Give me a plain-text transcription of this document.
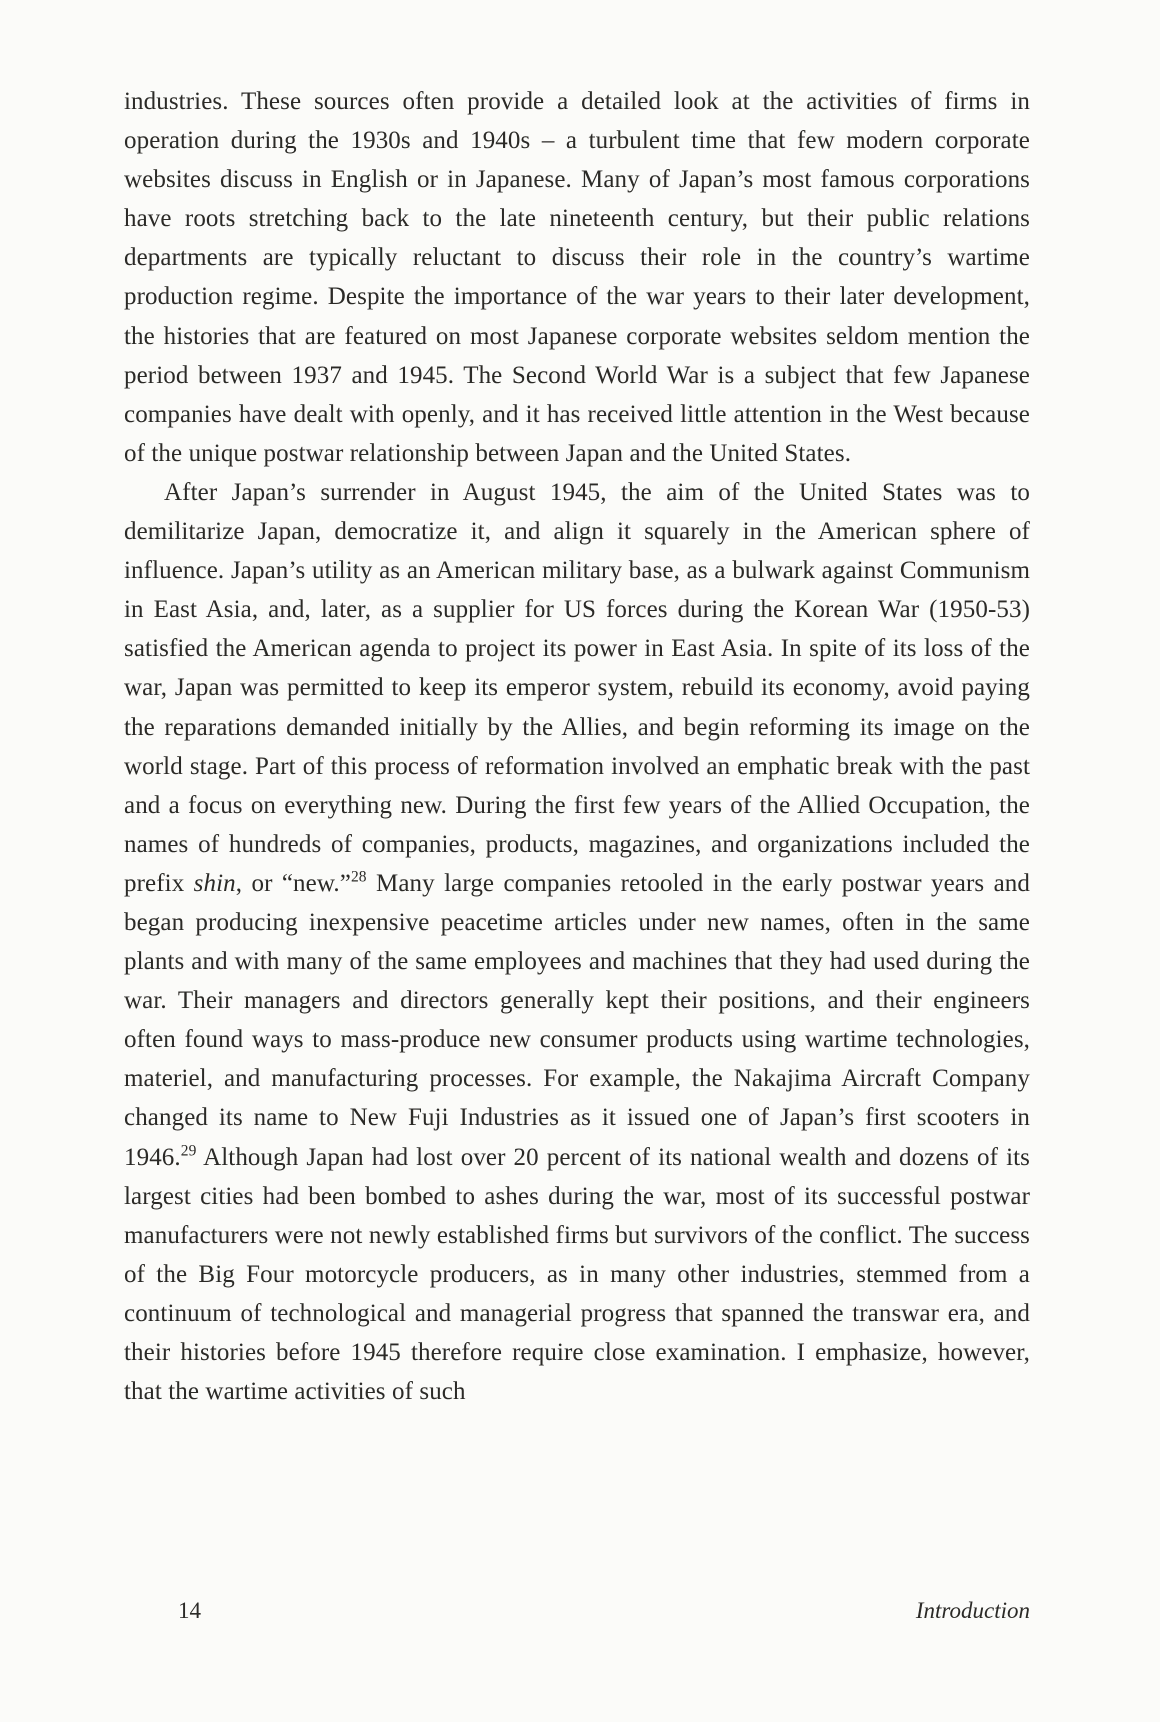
industries. These sources often provide a detailed look at the activities of firms in operation during the 1930s and 1940s – a turbulent time that few modern corporate websites discuss in English or in Japanese. Many of Japan’s most famous corporations have roots stretching back to the late nineteenth century, but their public relations departments are typically reluctant to discuss their role in the country’s wartime production regime. Despite the importance of the war years to their later development, the histories that are featured on most Japanese corporate websites seldom mention the period between 1937 and 1945. The Second World War is a subject that few Japanese companies have dealt with openly, and it has received little attention in the West because of the unique postwar relationship between Japan and the United States.

After Japan’s surrender in August 1945, the aim of the United States was to demilitarize Japan, democratize it, and align it squarely in the American sphere of influence. Japan’s utility as an American military base, as a bulwark against Communism in East Asia, and, later, as a supplier for US forces during the Korean War (1950-53) satisfied the American agenda to project its power in East Asia. In spite of its loss of the war, Japan was permitted to keep its emperor system, rebuild its economy, avoid paying the reparations demanded initially by the Allies, and begin reforming its image on the world stage. Part of this process of reformation involved an emphatic break with the past and a focus on everything new. During the first few years of the Allied Occupation, the names of hundreds of companies, products, magazines, and organizations included the prefix shin, or “new.”$^{28}$ Many large companies retooled in the early postwar years and began producing inexpensive peacetime articles under new names, often in the same plants and with many of the same employees and machines that they had used during the war. Their managers and directors generally kept their positions, and their engineers often found ways to mass-produce new consumer products using wartime technologies, materiel, and manufacturing processes. For example, the Nakajima Aircraft Company changed its name to New Fuji Industries as it issued one of Japan’s first scooters in 1946.29 Although Japan had lost over 20 percent of its national wealth and dozens of its largest cities had been bombed to ashes during the war, most of its successful postwar manufacturers were not newly established firms but survivors of the conflict. The success of the Big Four motorcycle producers, as in many other industries, stemmed from a continuum of technological and managerial progress that spanned the transwar era, and their histories before 1945 therefore require close examination. I emphasize, however, that the wartime activities of such

14	Introduction
